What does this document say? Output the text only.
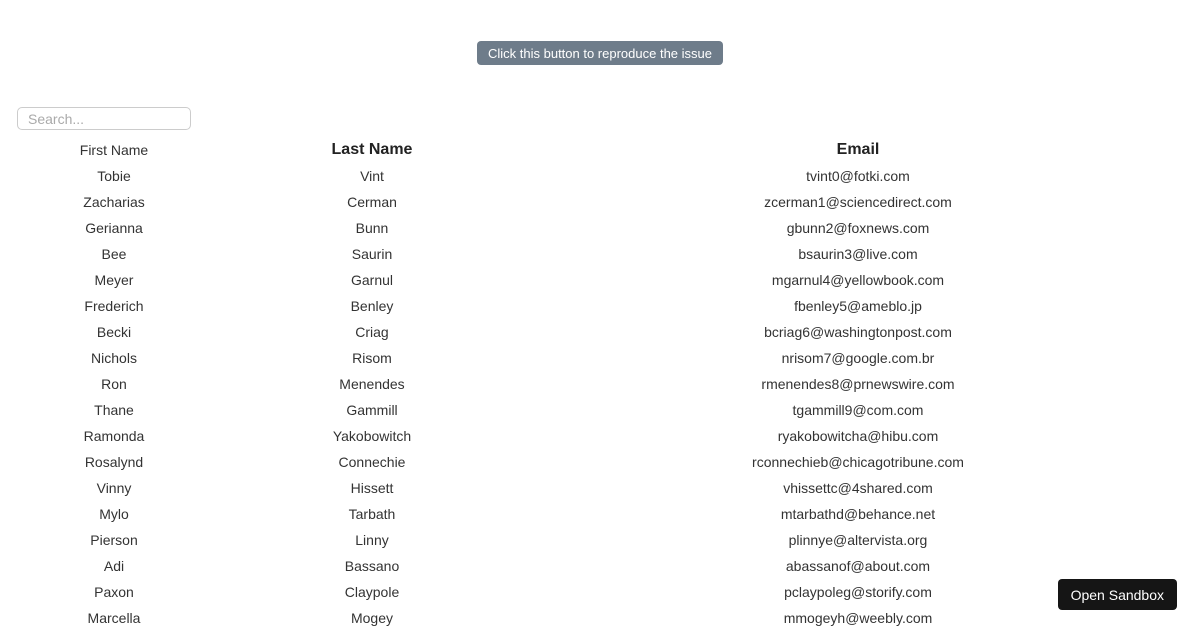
Click this button to reproduce the issue
Search...
First Name	Last Name	Email
Tobie	Vint	tvint0@fotki.com
Zacharias	Cerman	zcerman1@sciencedirect.com
Gerianna	Bunn	gbunn2@foxnews.com
Bee	Saurin	bsaurin3@live.com
Meyer	Garnul	mgarnul4@yellowbook.com
Frederich	Benley	fbenley5@ameblo.jp
Becki	Criag	bcriag6@washingtonpost.com
Nichols	Risom	nrisom7@google.com.br
Ron	Menendes	rmenendes8@prnewswire.com
Thane	Gammill	tgammill9@com.com
Ramonda	Yakobowitch	ryakobowitcha@hibu.com
Rosalynd	Connechie	rconnechieb@chicagotribune.com
Vinny	Hissett	vhissettc@4shared.com
Mylo	Tarbath	mtarbathd@behance.net
Pierson	Linny	plinnye@altervista.org
Adi	Bassano	abassanof@about.com
Paxon	Claypole	pclaypoleg@storify.com
Marcella	Mogey	mmogeyh@weebly.com
Open Sandbox
